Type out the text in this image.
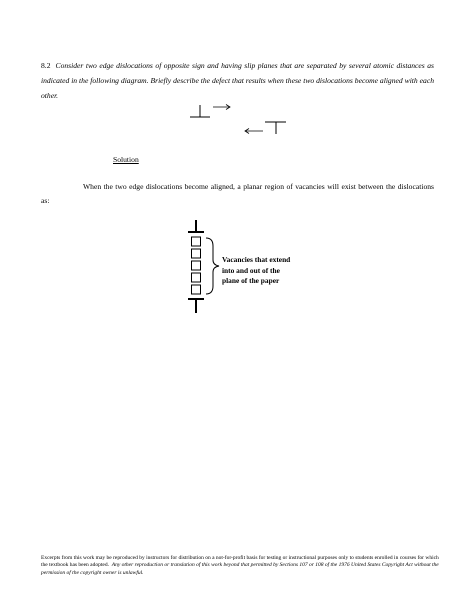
8.2 Consider two edge dislocations of opposite sign and having slip planes that are separated by several atomic distances as indicated in the following diagram. Briefly describe the defect that results when these two dislocations become aligned with each other.
Solution
When the two edge dislocations become aligned, a planar region of vacancies will exist between the dislocations as:
Vacancies that extend
into and out of the
plane of the paper
Excerpts from this work may be reproduced by instructors for distribution on a not-for-profit basis for testing or instructional purposes only to students enrolled in courses for which the textbook has been adopted. Any other reproduction or translation of this work beyond that permitted by Sections 107 or 108 of the 1976 United States Copyright Act without the permission of the copyright owner is unlawful.
